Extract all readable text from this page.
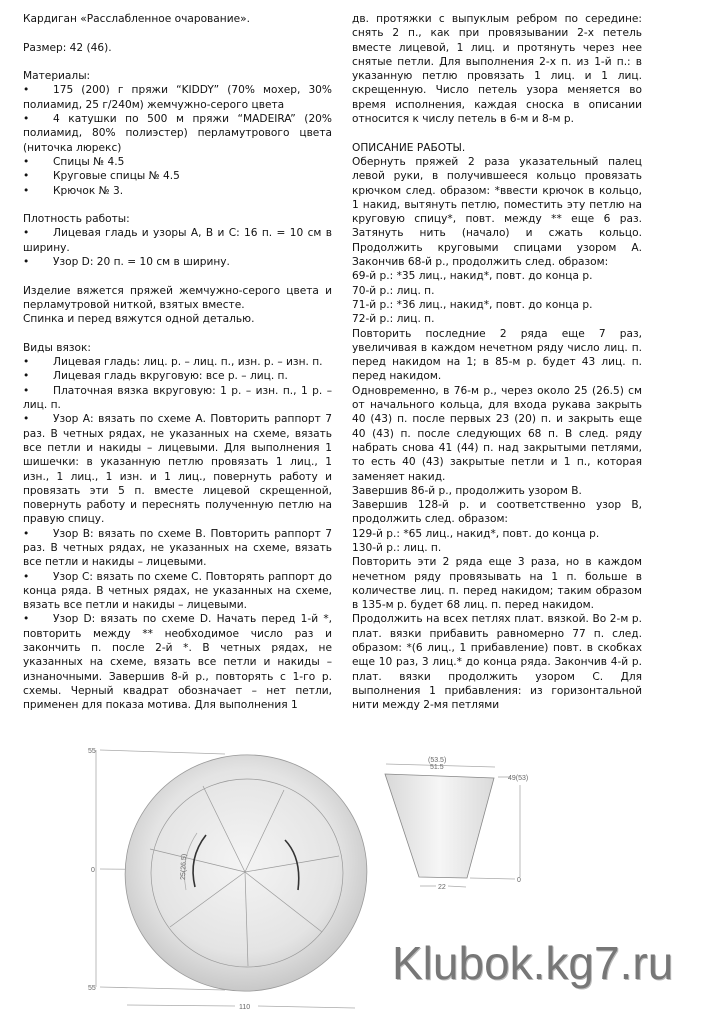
Кардиган «Расслабленное очарование».

Размер: 42 (46).

Материалы:

• 175 (200) г пряжи “KIDDY” (70% мохер, 30% полиамид, 25 г/240м) жемчужно-серого цвета

• 4 катушки по 500 м пряжи “MADEIRA” (20% полиамид, 80% полиэстер) перламутрового цвета (ниточка люрекс)

• Спицы № 4.5

• Круговые спицы № 4.5

• Крючок № 3.

Плотность работы:

• Лицевая гладь и узоры А, В и С: 16 п. = 10 см в ширину.

• Узор D: 20 п. = 10 см в ширину.

Изделие вяжется пряжей жемчужно-серого цвета и перламутровой ниткой, взятых вместе.

Спинка и перед вяжутся одной деталью.

Виды вязок:

• Лицевая гладь: лиц. р. – лиц. п., изн. р. – изн. п.

• Лицевая гладь вкруговую: все р. – лиц. п.

• Платочная вязка вкруговую: 1 р. – изн. п., 1 р. – лиц. п.

• Узор А: вязать по схеме А. Повторить раппорт 7 раз. В четных рядах, не указанных на схеме, вязать все петли и накиды – лицевыми. Для выполнения 1 шишечки: в указанную петлю провязать 1 лиц., 1 изн., 1 лиц., 1 изн. и 1 лиц., повернуть работу и провязать эти 5 п. вместе лицевой скрещенной, повернуть работу и переснять полученную петлю на правую спицу.

• Узор В: вязать по схеме В. Повторить раппорт 7 раз. В четных рядах, не указанных на схеме, вязать все петли и накиды – лицевыми.

• Узор С: вязать по схеме С. Повторять раппорт до конца ряда. В четных рядах, не указанных на схеме, вязать все петли и накиды – лицевыми.

• Узор D: вязать по схеме D. Начать перед 1-й *, повторить между ** необходимое число раз и закончить п. после 2-й *. В четных рядах, не указанных на схеме, вязать все петли и накиды – изнаночными. Завершив 8-й р., повторять с 1-го р. схемы. Черный квадрат обозначает – нет петли, применен для показа мотива. Для выполнения 1

дв. протяжки с выпуклым ребром по середине: снять 2 п., как при провязывании 2-х петель вместе лицевой, 1 лиц. и протянуть через нее снятые петли. Для выполнения 2-х п. из 1-й п.: в указанную петлю провязать 1 лиц. и 1 лиц. скрещенную. Число петель узора меняется во время исполнения, каждая сноска в описании относится к числу петель в 6-м и 8-м р.

ОПИСАНИЕ РАБОТЫ.

Обернуть пряжей 2 раза указательный палец левой руки, в получившееся кольцо провязать крючком след. образом: *ввести крючок в кольцо, 1 накид, вытянуть петлю, поместить эту петлю на круговую спицу*, повт. между ** еще 6 раз. Затянуть нить (начало) и сжать кольцо. Продолжить круговыми спицами узором А. Закончив 68-й р., продолжить след. образом:

69-й р.: *35 лиц., накид*, повт. до конца р.

70-й р.: лиц. п.

71-й р.: *36 лиц., накид*, повт. до конца р.

72-й р.: лиц. п.

Повторить последние 2 ряда еще 7 раз, увеличивая в каждом нечетном ряду число лиц. п. перед накидом на 1; в 85-м р. будет 43 лиц. п. перед накидом.

Одновременно, в 76-м р., через около 25 (26.5) см от начального кольца, для входа рукава закрыть 40 (43) п. после первых 23 (20) п. и закрыть еще 40 (43) п. после следующих 68 п. В след. ряду набрать снова 41 (44) п. над закрытыми петлями, то есть 40 (43) закрытые петли и 1 п., которая заменяет накид.

Завершив 86-й р., продолжить узором В.

Завершив 128-й р. и соответственно узор В, продолжить след. образом:

129-й р.: *65 лиц., накид*, повт. до конца р.

130-й р.: лиц. п.

Повторить эти 2 ряда еще 3 раза, но в каждом нечетном ряду провязывать на 1 п. больше в количестве лиц. п. перед накидом; таким образом в 135-м р. будет 68 лиц. п. перед накидом.

Продолжить на всех петлях плат. вязкой. Во 2-м р. плат. вязки прибавить равномерно 77 п. след. образом: *(6 лиц., 1 прибавление) повт. в скобках еще 10 раз, 3 лиц.* до конца ряда. Закончив 4-й р. плат. вязки продолжить узором С. Для выполнения 1 прибавления: из горизонтальной нити между 2-мя петлями

55
0
55
110
25(26.5)
(53.5)
51.5
49(53)
0
22
Klubok.kg7.ru
